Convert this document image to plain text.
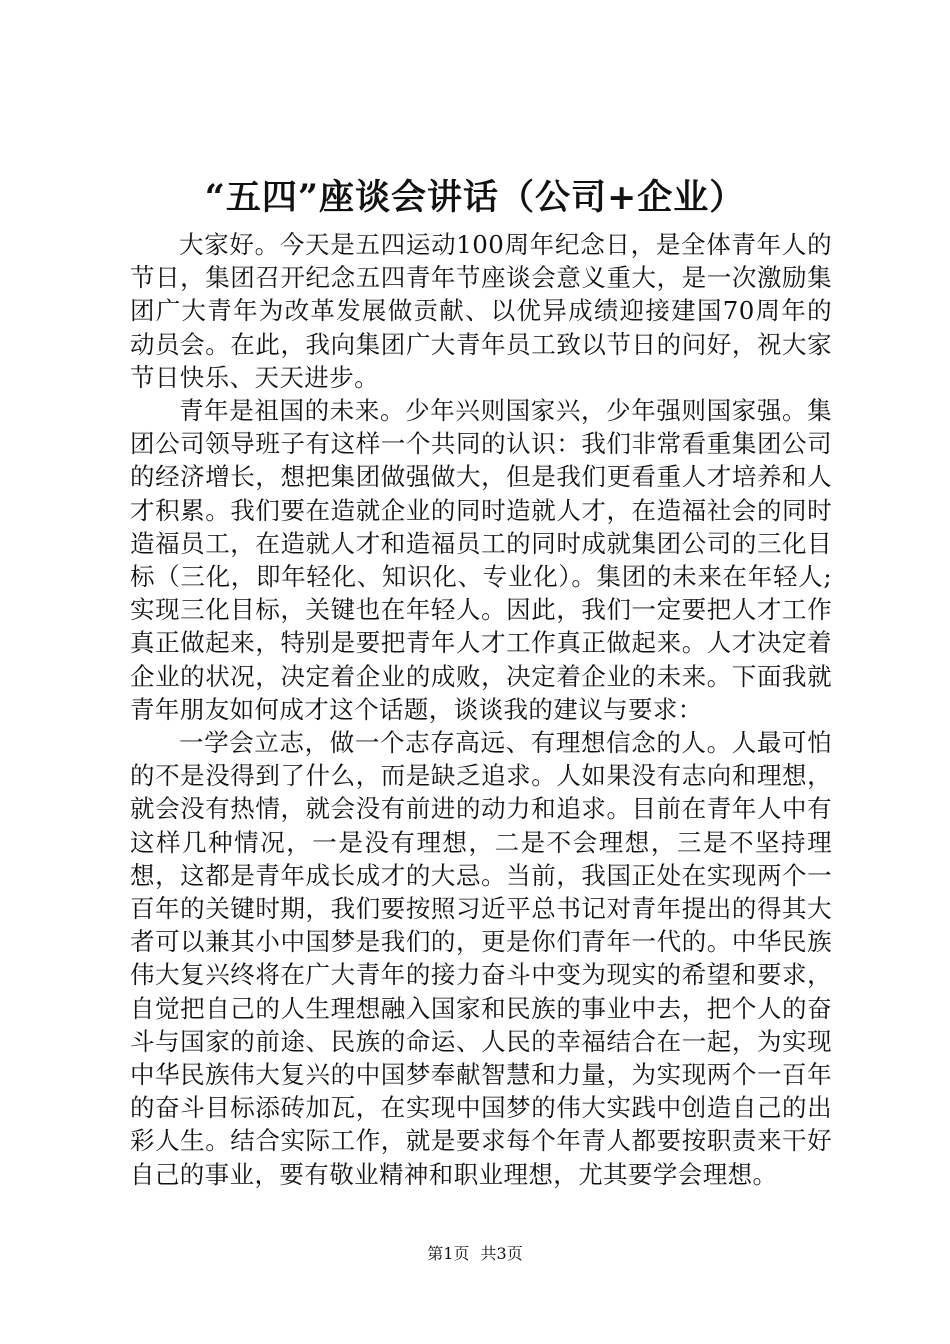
“五四”座谈会讲话（公司+企业）

大家好。今天是五四运动100周年纪念日，是全体青年人的节日，集团召开纪念五四青年节座谈会意义重大，是一次激励集团广大青年为改革发展做贡献、以优异成绩迎接建国70周年的动员会。在此，我向集团广大青年员工致以节日的问好，祝大家节日快乐、天天进步。

青年是祖国的未来。少年兴则国家兴，少年强则国家强。集团公司领导班子有这样一个共同的认识：我们非常看重集团公司的经济增长，想把集团做强做大，但是我们更看重人才培养和人才积累。我们要在造就企业的同时造就人才，在造福社会的同时造福员工，在造就人才和造福员工的同时成就集团公司的三化目标（三化，即年轻化、知识化、专业化）。集团的未来在年轻人;实现三化目标，关键也在年轻人。因此，我们一定要把人才工作真正做起来，特别是要把青年人才工作真正做起来。人才决定着企业的状况，决定着企业的成败，决定着企业的未来。下面我就青年朋友如何成才这个话题，谈谈我的建议与要求：

一学会立志，做一个志存高远、有理想信念的人。人最可怕的不是没得到了什么，而是缺乏追求。人如果没有志向和理想，就会没有热情，就会没有前进的动力和追求。目前在青年人中有这样几种情况，一是没有理想，二是不会理想，三是不坚持理想，这都是青年成长成才的大忌。当前，我国正处在实现两个一百年的关键时期，我们要按照习近平总书记对青年提出的得其大者可以兼其小中国梦是我们的，更是你们青年一代的。中华民族伟大复兴终将在广大青年的接力奋斗中变为现实的希望和要求，自觉把自己的人生理想融入国家和民族的事业中去，把个人的奋斗与国家的前途、民族的命运、人民的幸福结合在一起，为实现中华民族伟大复兴的中国梦奉献智慧和力量，为实现两个一百年的奋斗目标添砖加瓦，在实现中国梦的伟大实践中创造自己的出彩人生。结合实际工作，就是要求每个年青人都要按职责来干好自己的事业，要有敬业精神和职业理想，尤其要学会理想。

第1页 共3页
